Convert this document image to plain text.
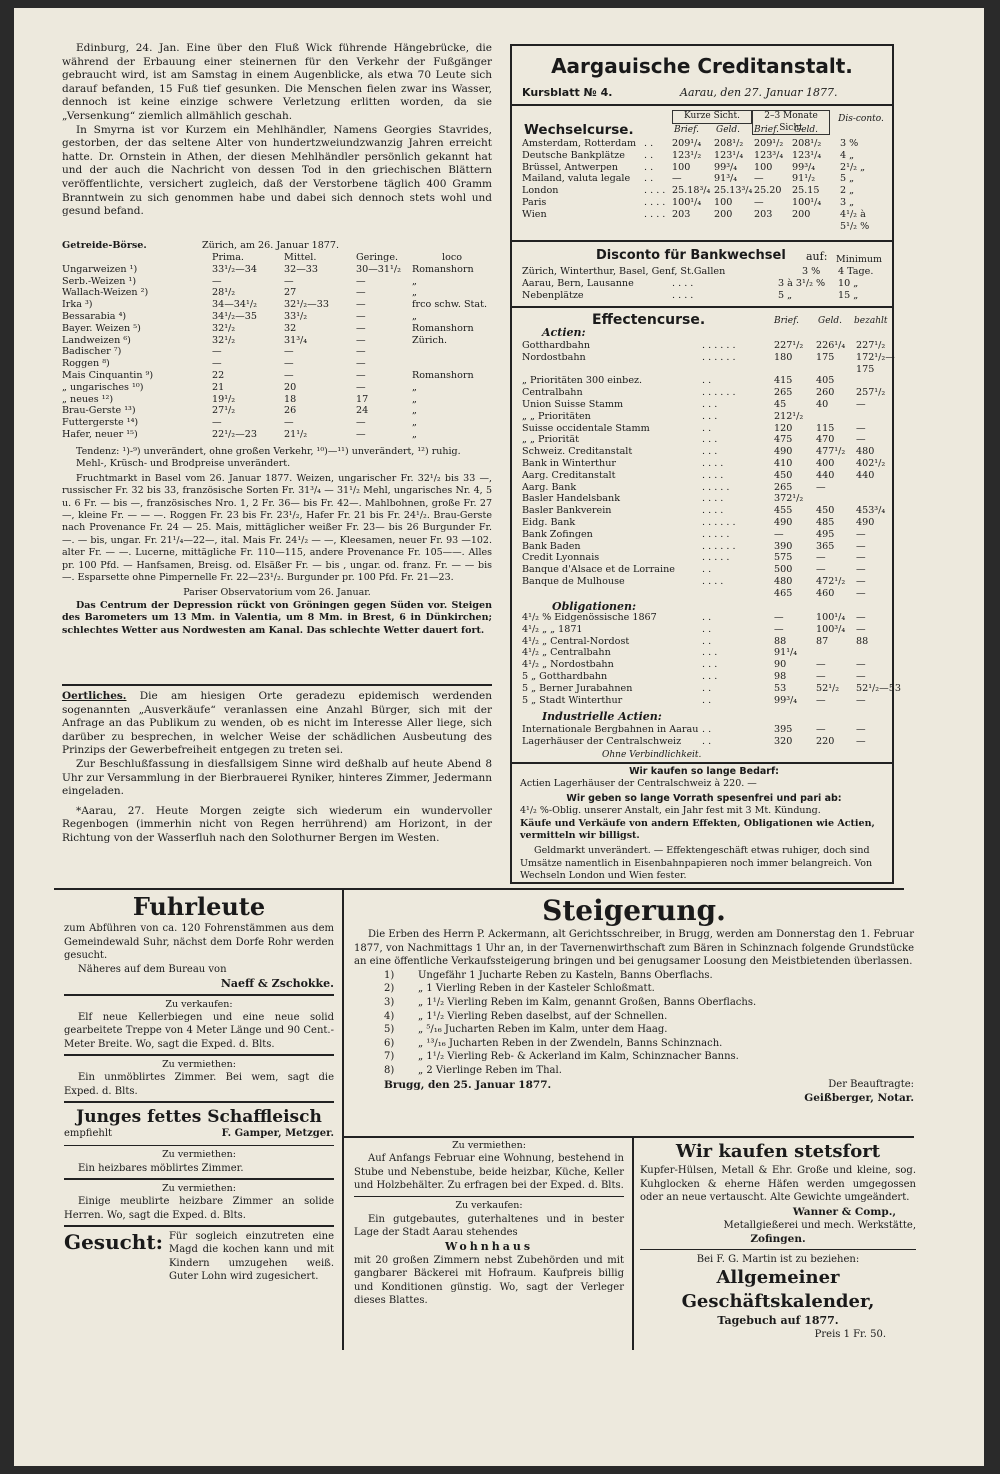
Edinburg, 24. Jan. Eine über den Fluß Wick führende Hängebrücke, die während der Erbauung einer steinernen für den Verkehr der Fußgänger gebraucht wird, ist am Samstag in einem Augenblicke, als etwa 70 Leute sich darauf befanden, 15 Fuß tief gesunken. Die Menschen fielen zwar ins Wasser, dennoch ist keine einzige schwere Verletzung erlitten worden, da sie „Versenkung“ ziemlich allmählich geschah.

In Smyrna ist vor Kurzem ein Mehlhändler, Namens Georgies Stavrides, gestorben, der das seltene Alter von hundertzweiundzwanzig Jahren erreicht hatte. Dr. Ornstein in Athen, der diesen Mehlhändler persönlich gekannt hat und der auch die Nachricht von dessen Tod in den griechischen Blättern veröffentlichte, versichert zugleich, daß der Verstorbene täglich 400 Gramm Branntwein zu sich genommen habe und dabei sich dennoch stets wohl und gesund befand.

Getreide-Börse.	Zürich, am 26. Januar 1877.
Prima.	Mittel.	Geringe.	loco
Ungarweizen ¹)	33¹/₂—34	32—33	30—31¹/₂ Romanshorn
Serb.-Weizen ¹)	—	—	—	„
Wallach-Weizen ²)	28¹/₂	27	—	„
Irka ³)	34—34¹/₂	32¹/₂—33	—	frco schw. Stat.
Bessarabia ⁴)	34¹/₂—35	33¹/₂	—	„
Bayer. Weizen ⁵)	32¹/₂	32	—	Romanshorn
Landweizen ⁶)	32¹/₂	31³/₄	—	Zürich.
Badischer ⁷)	—	—	—
Roggen ⁸)	—	—	—
Mais Cinquantin ⁹)	22	—	—	Romanshorn
„ ungarisches ¹⁰)	21	20	—	„
„ neues ¹²)	19¹/₂	18	17	„
Brau-Gerste ¹³)	27¹/₂	26	24	„
Futtergerste ¹⁴)	—	—	—	„
Hafer, neuer ¹⁵)	22¹/₂—23	21¹/₂	—	„

Tendenz: ¹)-⁹) unverändert, ohne großen Verkehr, ¹⁰)—¹¹) unverändert, ¹²) ruhig.

Mehl-, Krüsch- und Brodpreise unverändert.

Fruchtmarkt in Basel vom 26. Januar 1877. Weizen, ungarischer Fr. 32¹/₂ bis 33 —, russischer Fr. 32 bis 33, französische Sorten Fr. 31³/₄ — 31¹/₂ Mehl, ungarisches Nr. 4, 5 u. 6 Fr. — bis —, französisches Nro. 1, 2 Fr. 36— bis Fr. 42—. Mahlbohnen, große Fr. 27—, kleine Fr. — — —. Roggen Fr. 23 bis Fr. 23¹/₂, Hafer Fr. 21 bis Fr. 24¹/₂. Brau-Gerste nach Provenance Fr. 24 — 25. Mais, mittäglicher weißer Fr. 23— bis 26 Burgunder Fr. —. — bis, ungar. Fr. 21¹/₄—22—, ital. Mais Fr. 24¹/₂ — —, Kleesamen, neuer Fr. 93 —102. alter Fr. — —. Lucerne, mittägliche Fr. 110—115, andere Provenance Fr. 105——. Alles pr. 100 Pfd. — Hanfsamen, Breisg. od. Elsäßer Fr. — bis , ungar. od. franz. Fr. — — bis —. Esparsette ohne Pimpernelle Fr. 22—23¹/₂. Burgunder pr. 100 Pfd. Fr. 21—23.

Pariser Observatorium vom 26. Januar.

Das Centrum der Depression rückt von Gröningen gegen Süden vor. Steigen des Barometers um 13 Mm. in Valentia, um 8 Mm. in Brest, 6 in Dünkirchen; schlechtes Wetter aus Nordwesten am Kanal. Das schlechte Wetter dauert fort.

Oertliches. Die am hiesigen Orte geradezu epidemisch werdenden sogenannten „Ausverkäufe“ veranlassen eine Anzahl Bürger, sich mit der Anfrage an das Publikum zu wenden, ob es nicht im Interesse Aller liege, sich darüber zu besprechen, in welcher Weise der schädlichen Ausbeutung des Prinzips der Gewerbefreiheit entgegen zu treten sei.

Zur Beschlußfassung in diesfallsigem Sinne wird deßhalb auf heute Abend 8 Uhr zur Versammlung in der Bierbrauerei Ryniker, hinteres Zimmer, Jedermann eingeladen.

*Aarau, 27. Heute Morgen zeigte sich wiederum ein wundervoller Regenbogen (immerhin nicht von Regen herrührend) am Horizont, in der Richtung von der Wasserfluh nach den Solothurner Bergen im Westen.

Aargauische Creditanstalt.
Kursblatt № 4.	Aarau, den 27. Januar 1877.
Wechselcurse.
Kurze Sicht.	2–3 Monate Sicht
Brief. Geld. Brief. Geld.
Dis-conto.
Amsterdam, Rotterdam . . 209¹/₄ 208¹/₂ 209¹/₂ 208¹/₂ 3 %
Deutsche Bankplätze . . 123¹/₂ 123¹/₄ 123³/₄ 123¹/₄ 4 „
Brüssel, Antwerpen	. . 100 99³/₄ 100 99³/₄	2¹/₂ „
Mailand, valuta legale . . —	91³/₄ —	91¹/₂	5 „
London	. . . . 25.18³/₄ 25.13³/₄ 25.20 25.15 2 „
Paris	. . . . 100¹/₄ 100 —	100¹/₄ 3 „
Wien	. . . . 203 200 203 200	4¹/₂ à
5¹/₂ %
Disconto für Bankwechsel auf: Minimum
Zürich, Winterthur, Basel, Genf, St.Gallen	3 % 4 Tage.
Aarau, Bern, Lausanne	. . . .	3 à 3¹/₂ % 10 „
Nebenplätze	. . . .	5 „	15 „
Effectencurse.	Brief. Geld. bezahlt
Actien:
Gotthardbahn	. . . . . .	227¹/₂ 226¹/₄ 227¹/₂
Nordostbahn	. . . . . .	180 175 172¹/₂—
175
„ Prioritäten 300 einbez.	. .	415 405
Centralbahn	. . . . . .	265 260 257¹/₂
Union Suisse Stamm	. . .	45	40	—
„ „ Prioritäten	. . .	212¹/₂
Suisse occidentale Stamm	. .	120 115 —
„ „ Priorität	. . .	475 470 —
Schweiz. Creditanstalt	. . .	490 477¹/₂ 480
Bank in Winterthur	. . . .	410 400 402¹/₂
Aarg. Creditanstalt	. . . .	450 440 440
Aarg. Bank	. . . . .	265 —
Basler Handelsbank	. . . .	372¹/₂
Basler Bankverein	. . . .	455 450 453³/₄
Eidg. Bank	. . . . . .	490 485 490
Bank Zofingen	. . . . .	—	495 —
Bank Baden	. . . . . .	390 365 —
Credit Lyonnais	. . . . .	575 —	—
Banque d'Alsace et de Lorraine	. .	500 —	—
Banque de Mulhouse	. . . .	480 472¹/₂ —
465 460 —
Obligationen:
4¹/₂ % Eidgenössische 1867	. .	—	100¹/₄ —
4¹/₂ „ „ 1871	. .	—	100³/₄ —
4¹/₂ „ Central-Nordost	. .	88	87	88
4¹/₂ „ Centralbahn	. . .	91¹/₄
4¹/₂ „ Nordostbahn	. . .	90	—	—
5 „ Gotthardbahn	. . .	98	—	—
5 „ Berner Jurabahnen	. .	53	52¹/₂ 52¹/₂—53
5 „ Stadt Winterthur	. .	99³/₄ —	—
Industrielle Actien:
Internationale Bergbahnen in Aarau . .	395 —	—
Lagerhäuser der Centralschweiz . .	320 220 —
Ohne Verbindlichkeit.

Wir kaufen so lange Bedarf:

Actien Lagerhäuser der Centralschweiz à 220. —

Wir geben so lange Vorrath spesenfrei und pari ab:

4¹/₂ %-Oblig. unserer Anstalt, ein Jahr fest mit 3 Mt. Kündung.

Käufe und Verkäufe von andern Effekten, Obligationen wie Actien, vermitteln wir billigst.

Geldmarkt unverändert. — Effektengeschäft etwas ruhiger, doch sind Umsätze namentlich in Eisenbahnpapieren noch immer belangreich. Von Wechseln London und Wien fester.

Fuhrleute

zum Abführen von ca. 120 Fohrenstämmen aus dem Gemeindewald Suhr, nächst dem Dorfe Rohr werden gesucht.

Näheres auf dem Bureau von

Naeff & Zschokke.

Zu verkaufen:

Elf neue Kellerbiegen und eine neue solid gearbeitete Treppe von 4 Meter Länge und 90 Cent.-Meter Breite. Wo, sagt die Exped. d. Blts.

Zu vermiethen:

Ein unmöblirtes Zimmer. Bei wem, sagt die Exped. d. Blts.

Junges fettes Schaffleisch
empfiehlt	F. Gamper, Metzger.

Zu vermiethen:

Ein heizbares möblirtes Zimmer.

Zu vermiethen:

Einige meublirte heizbare Zimmer an solide Herren. Wo, sagt die Exped. d. Blts.

Gesucht: Für sogleich einzutreten eine Magd die kochen kann und mit Kindern umzugehen weiß. Guter Lohn wird zugesichert.

Steigerung.

Die Erben des Herrn P. Ackermann, alt Gerichtsschreiber, in Brugg, werden am Donnerstag den 1. Februar 1877, von Nachmittags 1 Uhr an, in der Tavernenwirthschaft zum Bären in Schinznach folgende Grundstücke an eine öffentliche Verkaufssteigerung bringen und bei genugsamer Loosung den Meistbietenden überlassen.

1) Ungefähr 1 Jucharte Reben zu Kasteln, Banns Oberflachs.
2) „ 1 Vierling Reben in der Kasteler Schloßmatt.
3) „ 1¹/₂ Vierling Reben im Kalm, genannt Großen, Banns Oberflachs.
4) „ 1¹/₂ Vierling Reben daselbst, auf der Schnellen.
5) „ ⁵/₁₆ Jucharten Reben im Kalm, unter dem Haag.
6) „ ¹³/₁₆ Jucharten Reben in der Zwendeln, Banns Schinznach.
7) „ 1¹/₂ Vierling Reb- & Ackerland im Kalm, Schinznacher Banns.
8) „ 2 Vierlinge Reben im Thal.

Brugg, den 25. Januar 1877.	Der Beauftragte:

Geißberger, Notar.

Zu vermiethen:

Auf Anfangs Februar eine Wohnung, bestehend in Stube und Nebenstube, beide heizbar, Küche, Keller und Holzbehälter. Zu erfragen bei der Exped. d. Blts.

Zu verkaufen:

Ein gutgebautes, guterhaltenes und in bester Lage der Stadt Aarau stehendes

Wohnhaus

mit 20 großen Zimmern nebst Zubehörden und mit gangbarer Bäckerei mit Hofraum. Kaufpreis billig und Konditionen günstig. Wo, sagt der Verleger dieses Blattes.

Wir kaufen stetsfort

Kupfer-Hülsen, Metall & Ehr. Große und kleine, sog. Kuhglocken & eherne Häfen werden umgegossen oder an neue vertauscht. Alte Gewichte umgeändert.

Wanner & Comp.,

Metallgießerei und mech. Werkstätte,

Zofingen.

Bei F. G. Martin ist zu beziehen:

Allgemeiner Geschäftskalender,

Tagebuch auf 1877.

Preis 1 Fr. 50.
